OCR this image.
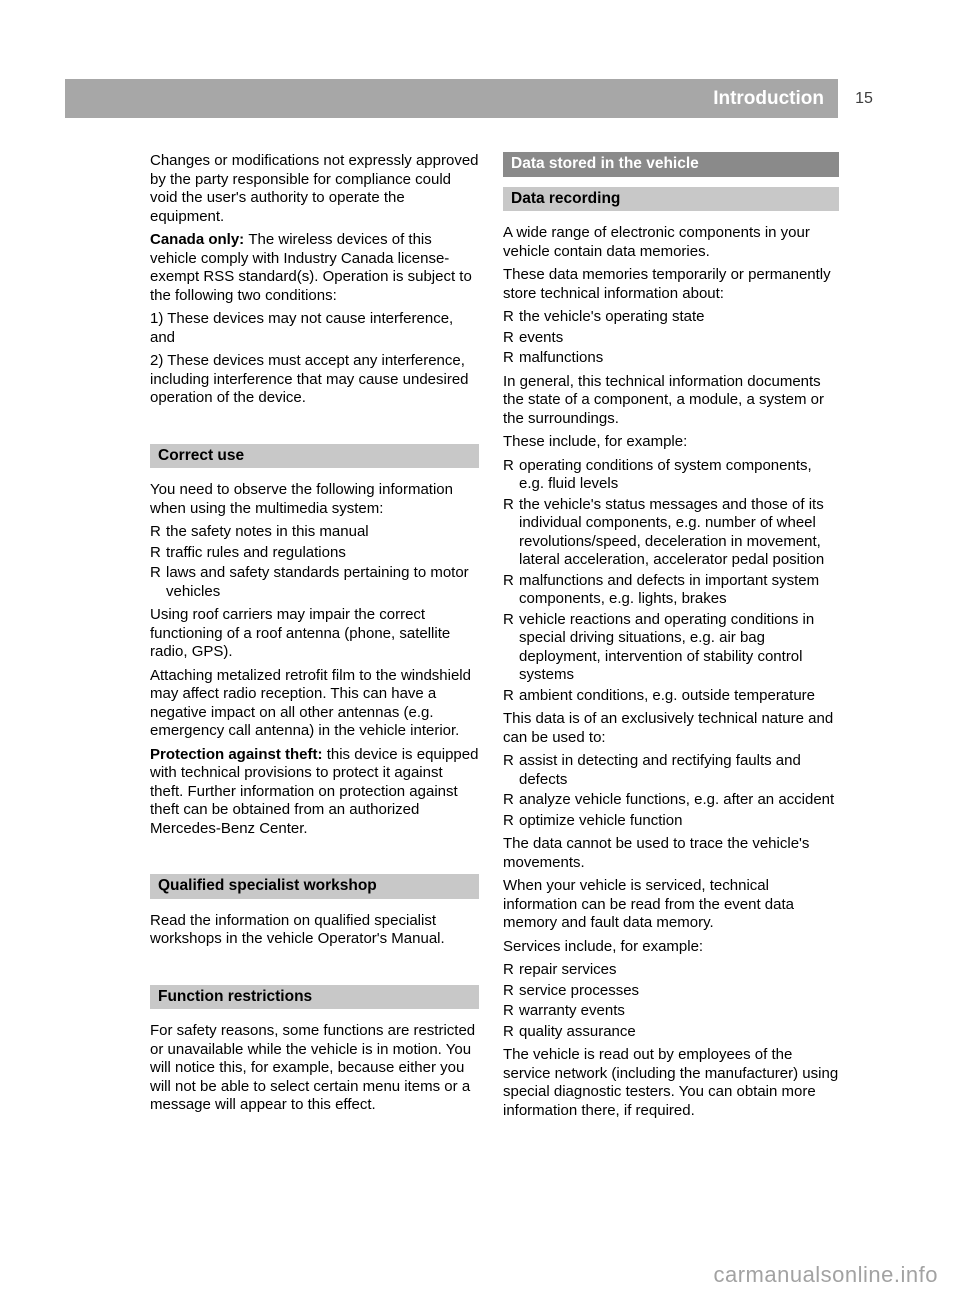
Introduction	15

Changes or modifications not expressly approved by the party responsible for compliance could void the user's authority to operate the equipment.

Canada only: The wireless devices of this vehicle comply with Industry Canada license-exempt RSS standard(s). Operation is subject to the following two conditions:

1) These devices may not cause interference, and

2) These devices must accept any interference, including interference that may cause undesired operation of the device.

Correct use

You need to observe the following information when using the multimedia system:

R the safety notes in this manual
R traffic rules and regulations
R laws and safety standards pertaining to motor vehicles

Using roof carriers may impair the correct functioning of a roof antenna (phone, satellite radio, GPS).

Attaching metalized retrofit film to the windshield may affect radio reception. This can have a negative impact on all other antennas (e.g. emergency call antenna) in the vehicle interior.

Protection against theft: this device is equipped with technical provisions to protect it against theft. Further information on protection against theft can be obtained from an authorized Mercedes-Benz Center.

Qualified specialist workshop

Read the information on qualified specialist workshops in the vehicle Operator's Manual.

Function restrictions

For safety reasons, some functions are restricted or unavailable while the vehicle is in motion. You will notice this, for example, because either you will not be able to select certain menu items or a message will appear to this effect.

Data stored in the vehicle
Data recording

A wide range of electronic components in your vehicle contain data memories.

These data memories temporarily or permanently store technical information about:

R the vehicle's operating state
R events
R malfunctions

In general, this technical information documents the state of a component, a module, a system or the surroundings.

These include, for example:

R operating conditions of system components, e.g. fluid levels
R the vehicle's status messages and those of its individual components, e.g. number of wheel revolutions/speed, deceleration in movement, lateral acceleration, accelerator pedal position
R malfunctions and defects in important system components, e.g. lights, brakes
R vehicle reactions and operating conditions in special driving situations, e.g. air bag deployment, intervention of stability control systems
R ambient conditions, e.g. outside temperature

This data is of an exclusively technical nature and can be used to:

R assist in detecting and rectifying faults and defects
R analyze vehicle functions, e.g. after an accident
R optimize vehicle function

The data cannot be used to trace the vehicle's movements.

When your vehicle is serviced, technical information can be read from the event data memory and fault data memory.

Services include, for example:

R repair services
R service processes
R warranty events
R quality assurance

The vehicle is read out by employees of the service network (including the manufacturer) using special diagnostic testers. You can obtain more information there, if required.

carmanualsonline.info
